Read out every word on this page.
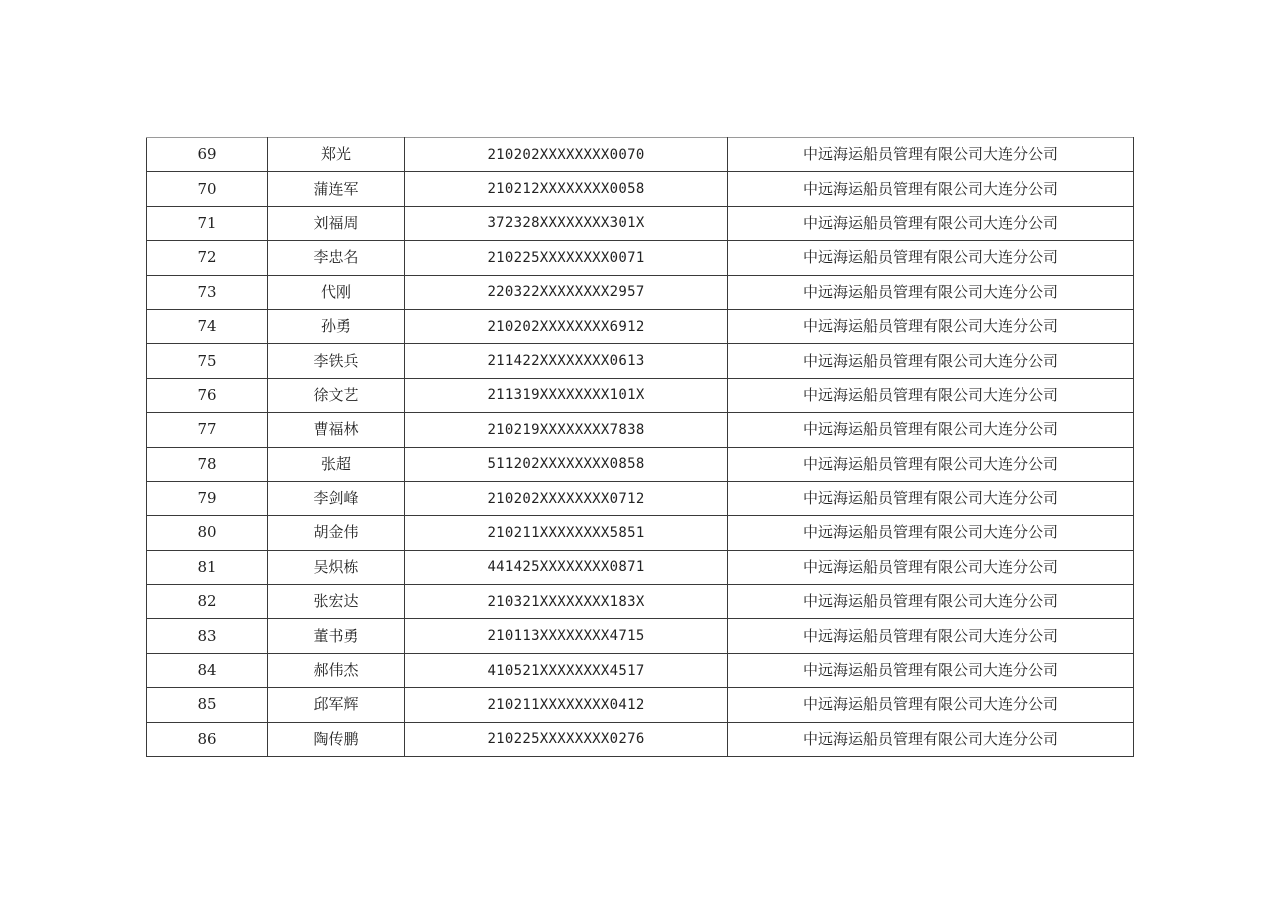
69	郑光	210202XXXXXXXX0070	中远海运船员管理有限公司大连分公司
70	蒲连军	210212XXXXXXXX0058	中远海运船员管理有限公司大连分公司
71	刘福周	372328XXXXXXXX301X	中远海运船员管理有限公司大连分公司
72	李忠名	210225XXXXXXXX0071	中远海运船员管理有限公司大连分公司
73	代刚	220322XXXXXXXX2957	中远海运船员管理有限公司大连分公司
74	孙勇	210202XXXXXXXX6912	中远海运船员管理有限公司大连分公司
75	李铁兵	211422XXXXXXXX0613	中远海运船员管理有限公司大连分公司
76	徐文艺	211319XXXXXXXX101X	中远海运船员管理有限公司大连分公司
77	曹福林	210219XXXXXXXX7838	中远海运船员管理有限公司大连分公司
78	张超	511202XXXXXXXX0858	中远海运船员管理有限公司大连分公司
79	李剑峰	210202XXXXXXXX0712	中远海运船员管理有限公司大连分公司
80	胡金伟	210211XXXXXXXX5851	中远海运船员管理有限公司大连分公司
81	吴炽栋	441425XXXXXXXX0871	中远海运船员管理有限公司大连分公司
82	张宏达	210321XXXXXXXX183X	中远海运船员管理有限公司大连分公司
83	董书勇	210113XXXXXXXX4715	中远海运船员管理有限公司大连分公司
84	郝伟杰	410521XXXXXXXX4517	中远海运船员管理有限公司大连分公司
85	邱军辉	210211XXXXXXXX0412	中远海运船员管理有限公司大连分公司
86	陶传鹏	210225XXXXXXXX0276	中远海运船员管理有限公司大连分公司
